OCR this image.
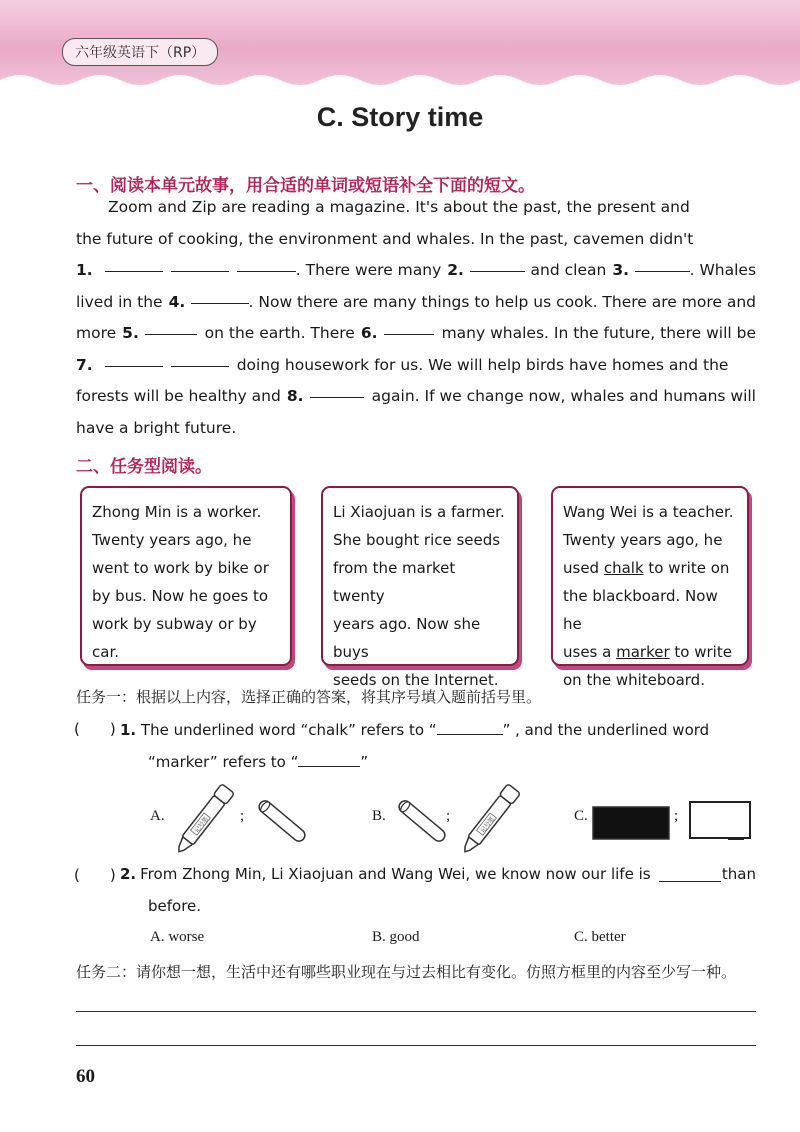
六年级英语下（RP）
C. Story time
一、阅读本单元故事，用合适的单词或短语补全下面的短文。
Zoom and Zip are reading a magazine. It's about the past, the present and
the future of cooking, the environment and whales. In the past, cavemen didn't
1.	. There were many 2.	and clean 3.	. Whales
lived in the 4.	. Now there are many things to help us cook. There are more and
more 5.	on the earth. There 6.	many whales. In the future, there will be
7.	doing housework for us. We will help birds have homes and the
forests will be healthy and 8.	again. If we change now, whales and humans will
have a bright future.
二、任务型阅读。

Zhong Min is a worker.

Twenty years ago, he

went to work by bike or

by bus. Now he goes to

work by subway or by car.

Li Xiaojuan is a farmer.

She bought rice seeds

from the market twenty

years ago. Now she buys

seeds on the Internet.

Wang Wei is a teacher.

Twenty years ago, he

used chalk to write on

the blackboard. Now he

uses a marker to write

on the whiteboard.

任务一：根据以上内容，选择正确的答案，将其序号填入题前括号里。
(　　) 1. The underlined word “chalk” refers to “	” , and the underlined word
“marker” refers to “	”
A.	记号笔 ;	B.	;	记号笔	C.	;
(　　) 2. From Zhong Min, Li Xiaojuan and Wang Wei, we know now our life is	than
before.
A. worse	B. good	C. better
任务二：请你想一想，生活中还有哪些职业现在与过去相比有变化。仿照方框里的内容至少写一种。
60
